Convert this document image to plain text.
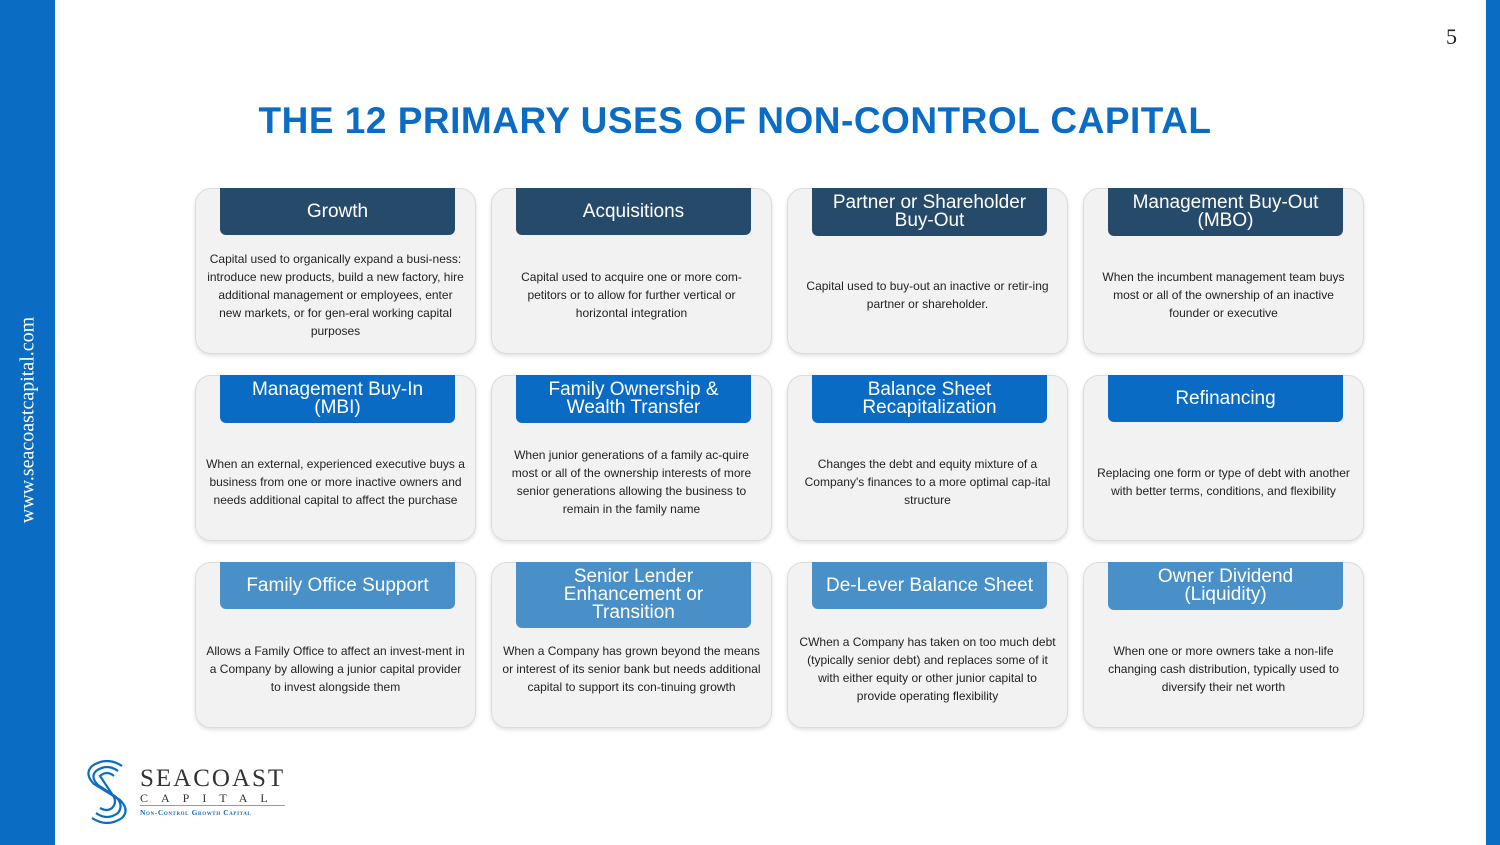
www.seacoastcapital.com
5
THE 12 PRIMARY USES OF NON-CONTROL CAPITAL
Growth
Capital used to organically expand a busi-ness: introduce new products, build a new factory, hire additional management or employees, enter new markets, or for gen-eral working capital purposes
Acquisitions
Capital used to acquire one or more com-petitors or to allow for further vertical or horizontal integration
Partner or Shareholder Buy-Out
Capital used to buy-out an inactive or retir-ing partner or shareholder.
Management Buy-Out (MBO)
When the incumbent management team buys most or all of the ownership of an inactive founder or executive
Management Buy-In (MBI)
When an external, experienced executive buys a business from one or more inactive owners and needs additional capital to affect the purchase
Family Ownership & Wealth Transfer
When junior generations of a family ac-quire most or all of the ownership interests of more senior generations allowing the business to remain in the family name
Balance Sheet Recapitalization
Changes the debt and equity mixture of a Company's finances to a more optimal cap-ital structure
Refinancing
Replacing one form or type of debt with another with better terms, conditions, and flexibility
Family Office Support
Allows a Family Office to affect an invest-ment in a Company by allowing a junior capital provider to invest alongside them
Senior Lender Enhancement or Transition
When a Company has grown beyond the means or interest of its senior bank but needs additional capital to support its con-tinuing growth
De-Lever Balance Sheet
CWhen a Company has taken on too much debt (typically senior debt) and replaces some of it with either equity or other junior capital to provide operating flexibility
Owner Dividend (Liquidity)
When one or more owners take a non-life changing cash distribution, typically used to diversify their net worth
SEACOAST
CAPITAL
Non-Control Growth Capital
